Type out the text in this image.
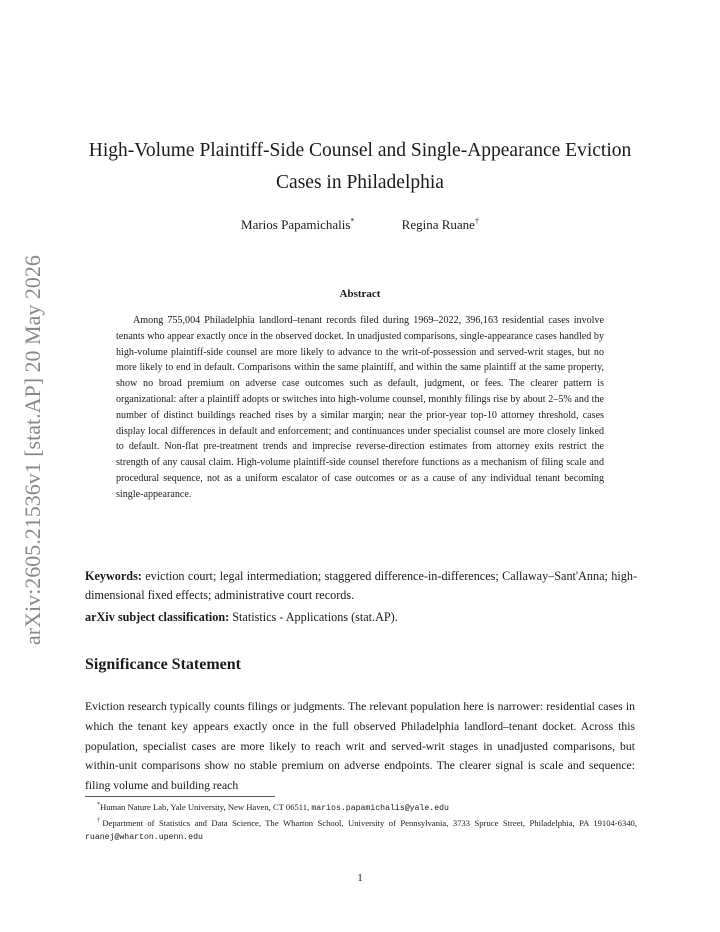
arXiv:2605.21536v1 [stat.AP] 20 May 2026
High-Volume Plaintiff-Side Counsel and Single-Appearance Eviction
Cases in Philadelphia
Marios Papamichalis*	Regina Ruane†
Abstract
Among 755,004 Philadelphia landlord–tenant records filed during 1969–2022, 396,163 residential cases involve tenants who appear exactly once in the observed docket. In unadjusted comparisons, single-appearance cases handled by high-volume plaintiff-side counsel are more likely to advance to the writ-of-possession and served-writ stages, but no more likely to end in default. Comparisons within the same plaintiff, and within the same plaintiff at the same property, show no broad premium on adverse case outcomes such as default, judgment, or fees. The clearer pattern is organizational: after a plaintiff adopts or switches into high-volume counsel, monthly filings rise by about 2–5% and the number of distinct buildings reached rises by a similar margin; near the prior-year top-10 attorney threshold, cases display local differences in default and enforcement; and continuances under specialist counsel are more closely linked to default. Non-flat pre-treatment trends and imprecise reverse-direction estimates from attorney exits restrict the strength of any causal claim. High-volume plaintiff-side counsel therefore functions as a mechanism of filing scale and procedural sequence, not as a uniform escalator of case outcomes or as a cause of any individual tenant becoming single-appearance.
Keywords: eviction court; legal intermediation; staggered difference-in-differences; Callaway–Sant'Anna; high-dimensional fixed effects; administrative court records.
arXiv subject classification: Statistics - Applications (stat.AP).
Significance Statement
Eviction research typically counts filings or judgments. The relevant population here is narrower: residential cases in which the tenant key appears exactly once in the full observed Philadelphia landlord–tenant docket. Across this population, specialist cases are more likely to reach writ and served-writ stages in unadjusted comparisons, but within-unit comparisons show no stable premium on adverse endpoints. The clearer signal is scale and sequence: filing volume and building reach

*Human Nature Lab, Yale University, New Haven, CT 06511, marios.papamichalis@yale.edu

†Department of Statistics and Data Science, The Wharton School, University of Pennsylvania, 3733 Spruce Street, Philadelphia, PA 19104-6340, ruanej@wharton.upenn.edu

1
